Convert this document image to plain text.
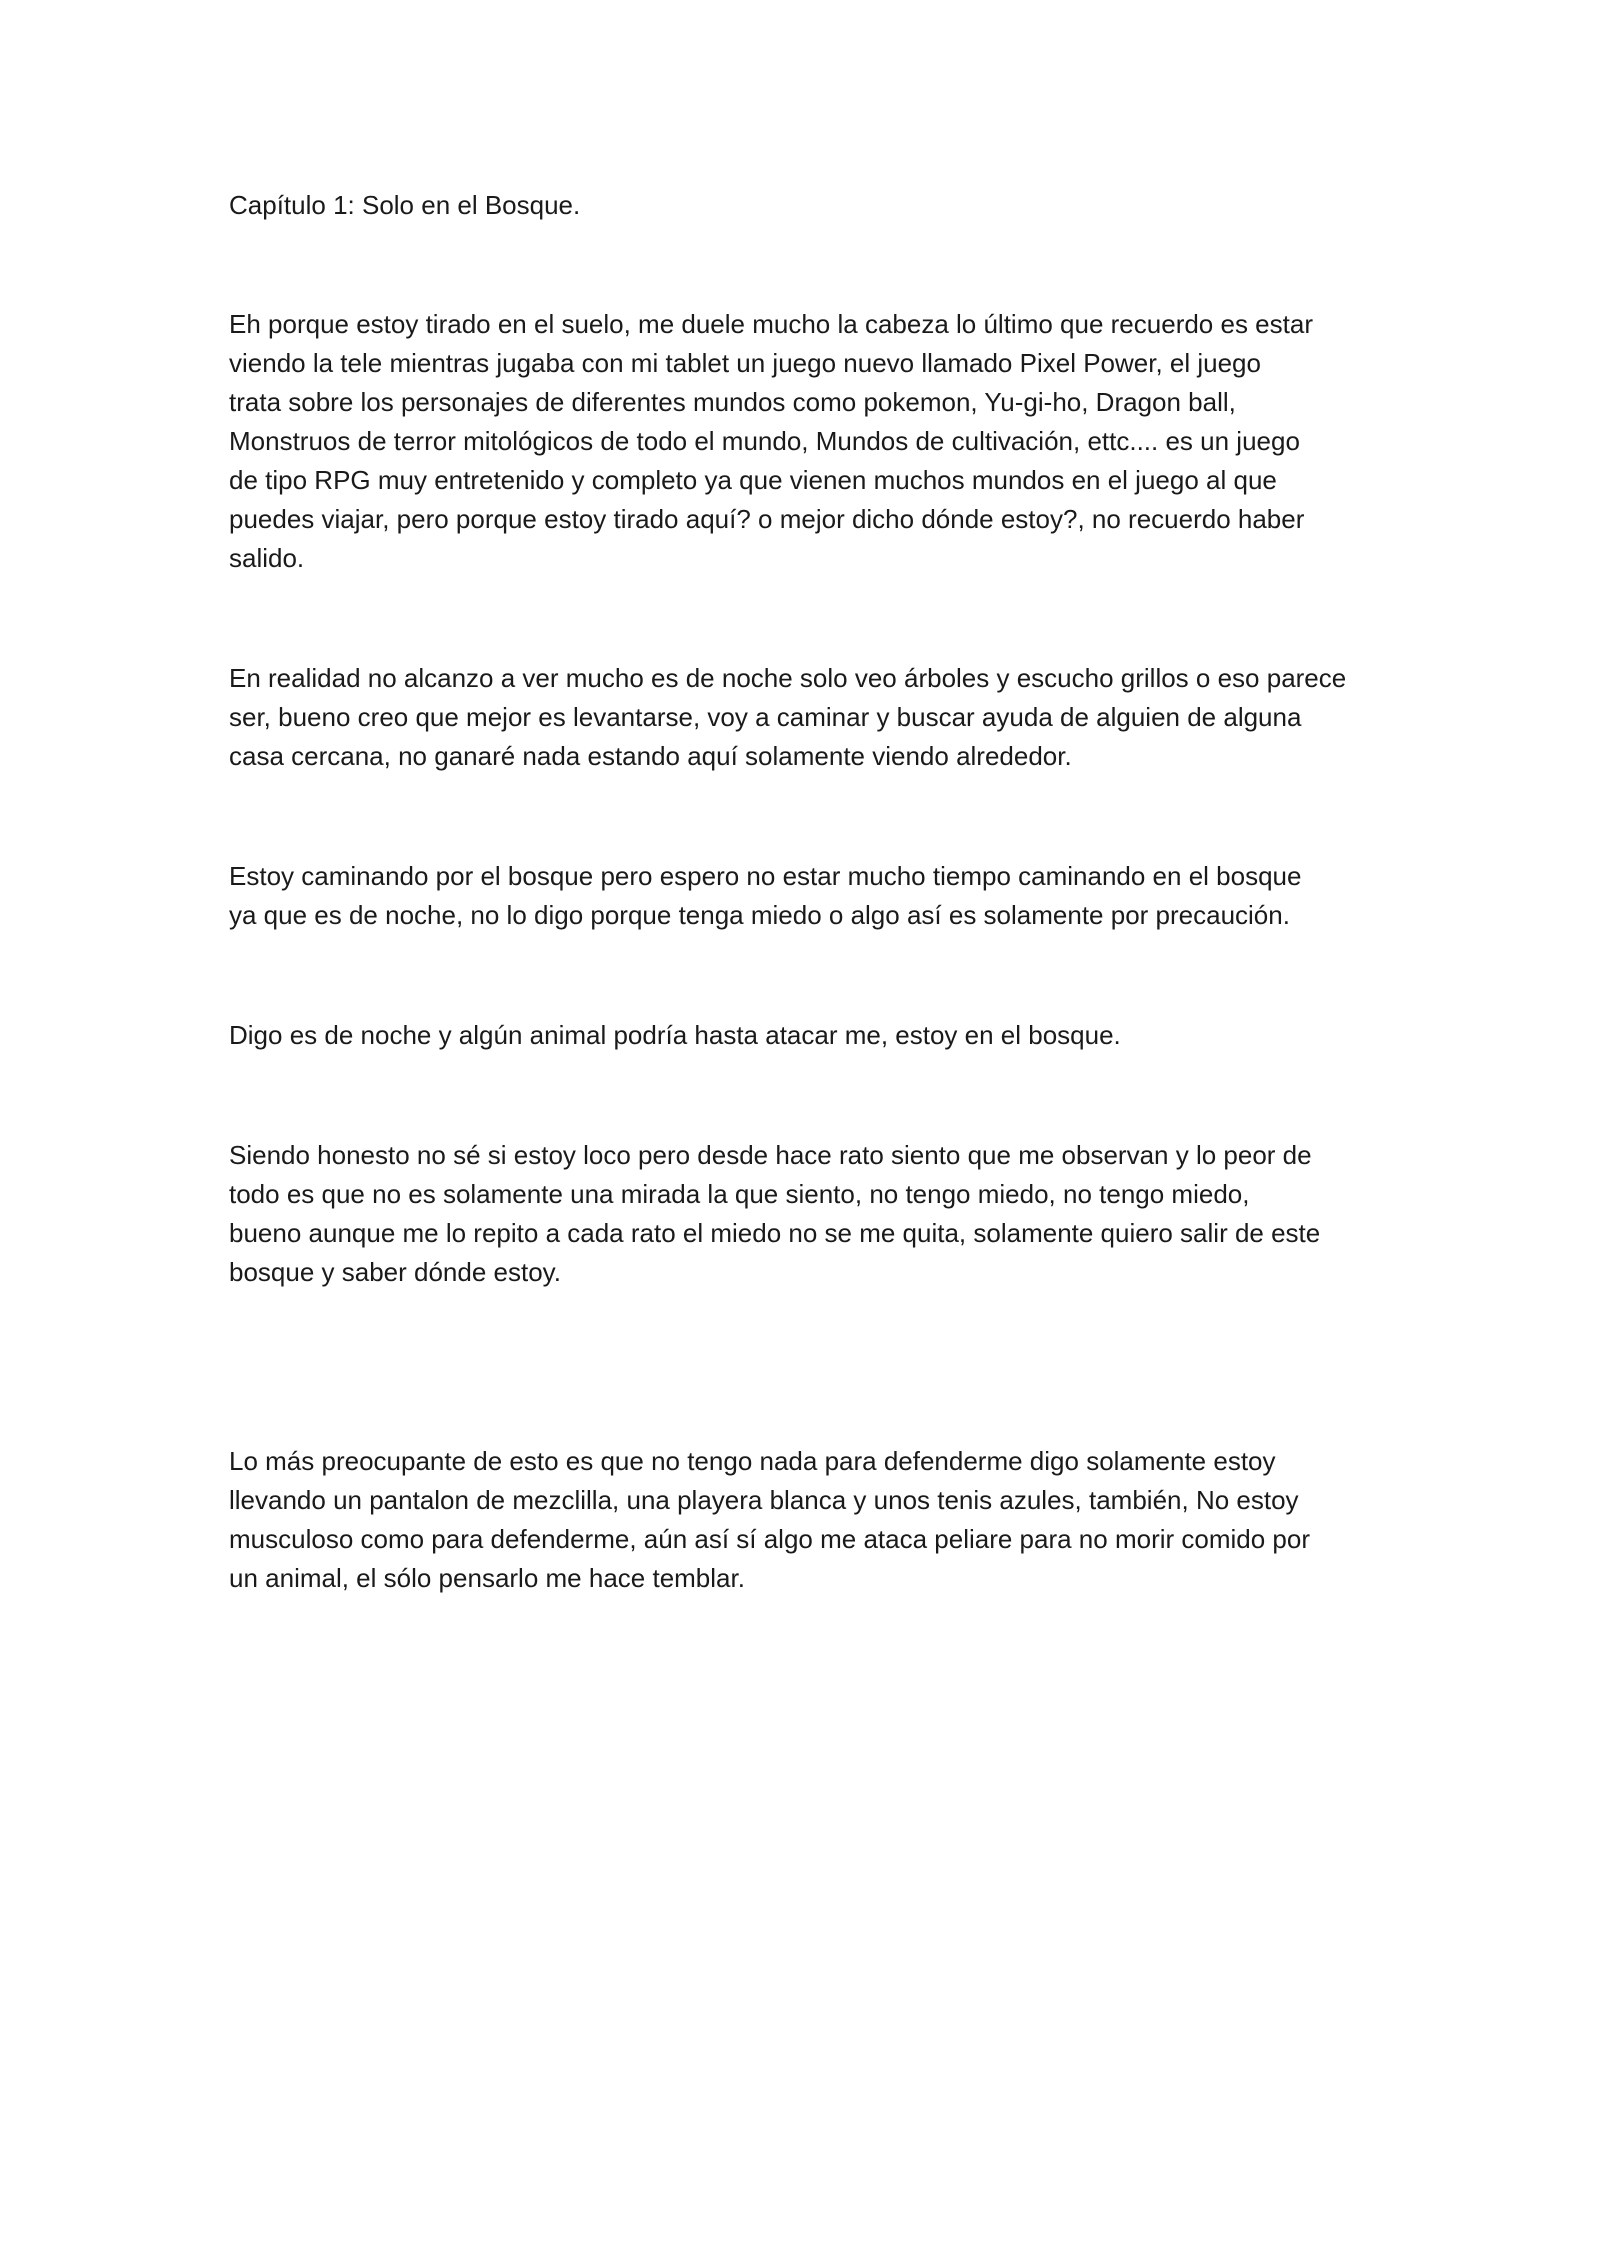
Capítulo 1: Solo en el Bosque.

Eh porque estoy tirado en el suelo, me duele mucho la cabeza lo último que recuerdo es estar
viendo la tele mientras jugaba con mi tablet un juego nuevo llamado Pixel Power, el juego
trata sobre los personajes de diferentes mundos como pokemon, Yu-gi-ho, Dragon ball,
Monstruos de terror mitológicos de todo el mundo, Mundos de cultivación, ettc.... es un juego
de tipo RPG muy entretenido y completo ya que vienen muchos mundos en el juego al que
puedes viajar, pero porque estoy tirado aquí? o mejor dicho dónde estoy?, no recuerdo haber
salido.

En realidad no alcanzo a ver mucho es de noche solo veo árboles y escucho grillos o eso parece
ser, bueno creo que mejor es levantarse, voy a caminar y buscar ayuda de alguien de alguna
casa cercana, no ganaré nada estando aquí solamente viendo alrededor.

Estoy caminando por el bosque pero espero no estar mucho tiempo caminando en el bosque
ya que es de noche, no lo digo porque tenga miedo o algo así es solamente por precaución.

Digo es de noche y algún animal podría hasta atacar me, estoy en el bosque.

Siendo honesto no sé si estoy loco pero desde hace rato siento que me observan y lo peor de
todo es que no es solamente una mirada la que siento, no tengo miedo, no tengo miedo,
bueno aunque me lo repito a cada rato el miedo no se me quita, solamente quiero salir de este
bosque y saber dónde estoy.

Lo más preocupante de esto es que no tengo nada para defenderme digo solamente estoy
llevando un pantalon de mezclilla, una playera blanca y unos tenis azules, también, No estoy
musculoso como para defenderme, aún así sí algo me ataca peliare para no morir comido por
un animal, el sólo pensarlo me hace temblar.
